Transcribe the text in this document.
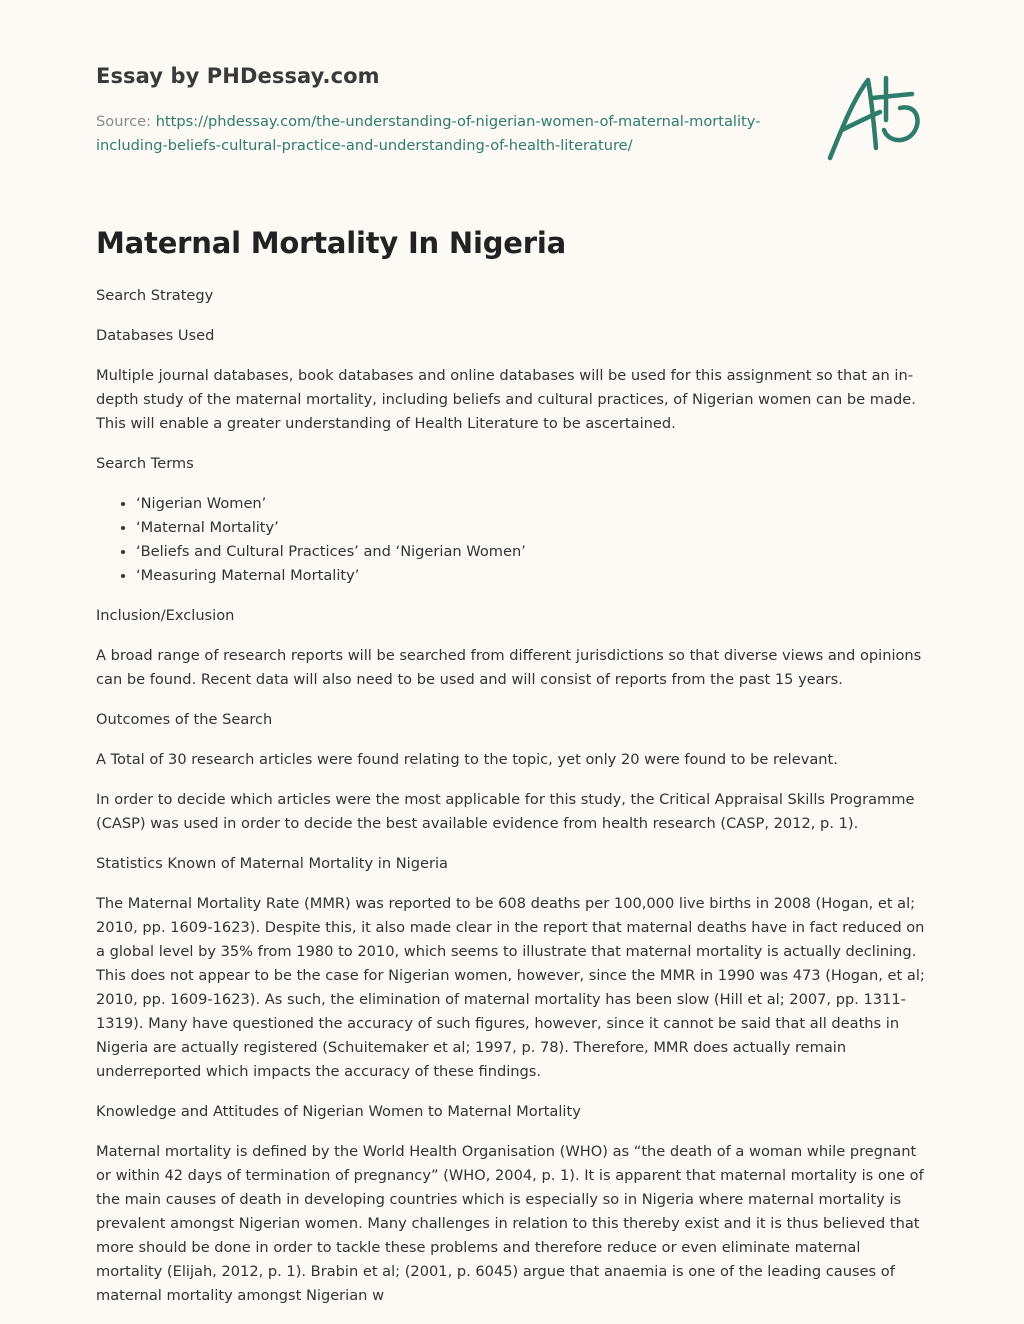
Essay by PHDessay.com
Source: https://phdessay.com/the-understanding-of-nigerian-women-of-maternal-mortality-including-beliefs-cultural-practice-and-understanding-of-health-literature/
Maternal Mortality In Nigeria

Search Strategy

Databases Used

Multiple journal databases, book databases and online databases will be used for this assignment so that an in-depth study of the maternal mortality, including beliefs and cultural practices, of Nigerian women can be made. This will enable a greater understanding of Health Literature to be ascertained.

Search Terms

• ‘Nigerian Women’
• ‘Maternal Mortality’
• ‘Beliefs and Cultural Practices’ and ‘Nigerian Women’
• ‘Measuring Maternal Mortality’

Inclusion/Exclusion

A broad range of research reports will be searched from different jurisdictions so that diverse views and opinions can be found. Recent data will also need to be used and will consist of reports from the past 15 years.

Outcomes of the Search

A Total of 30 research articles were found relating to the topic, yet only 20 were found to be relevant.

In order to decide which articles were the most applicable for this study, the Critical Appraisal Skills Programme (CASP) was used in order to decide the best available evidence from health research (CASP, 2012, p. 1).

Statistics Known of Maternal Mortality in Nigeria

The Maternal Mortality Rate (MMR) was reported to be 608 deaths per 100,000 live births in 2008 (Hogan, et al; 2010, pp. 1609-1623). Despite this, it also made clear in the report that maternal deaths have in fact reduced on a global level by 35% from 1980 to 2010, which seems to illustrate that maternal mortality is actually declining. This does not appear to be the case for Nigerian women, however, since the MMR in 1990 was 473 (Hogan, et al; 2010, pp. 1609-1623). As such, the elimination of maternal mortality has been slow (Hill et al; 2007, pp. 1311-1319). Many have questioned the accuracy of such figures, however, since it cannot be said that all deaths in Nigeria are actually registered (Schuitemaker et al; 1997, p. 78). Therefore, MMR does actually remain underreported which impacts the accuracy of these findings.

Knowledge and Attitudes of Nigerian Women to Maternal Mortality

Maternal mortality is defined by the World Health Organisation (WHO) as “the death of a woman while pregnant or within 42 days of termination of pregnancy” (WHO, 2004, p. 1). It is apparent that maternal mortality is one of the main causes of death in developing countries which is especially so in Nigeria where maternal mortality is prevalent amongst Nigerian women. Many challenges in relation to this thereby exist and it is thus believed that more should be done in order to tackle these problems and therefore reduce or even eliminate maternal mortality (Elijah, 2012, p. 1). Brabin et al; (2001, p. 6045) argue that anaemia is one of the leading causes of maternal mortality amongst Nigerian w
